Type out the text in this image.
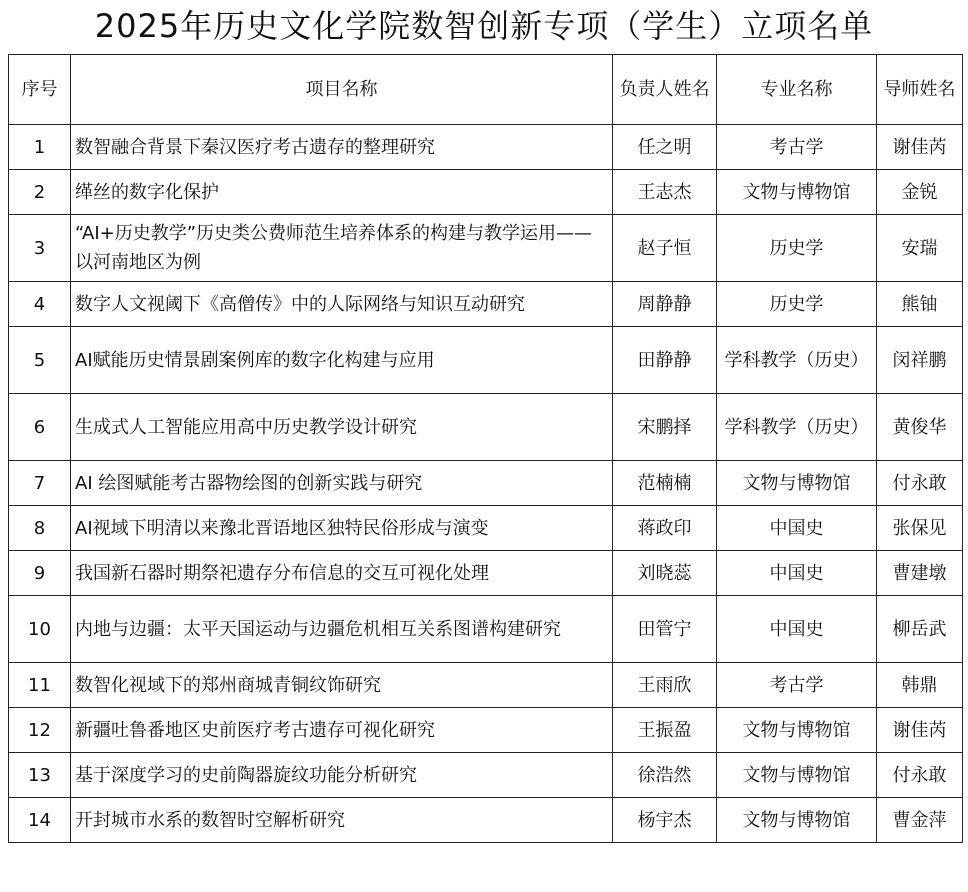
2025年历史文化学院数智创新专项（学生）立项名单
序号	项目名称	负责人姓名	专业名称	导师姓名
1	数智融合背景下秦汉医疗考古遗存的整理研究	任之明	考古学	谢佳芮
2	缂丝的数字化保护	王志杰	文物与博物馆	金锐
3	“AI+历史教学”历史类公费师范生培养体系的构建与教学运用——以河南地区为例	赵子恒	历史学	安瑞
4	数字人文视阈下《高僧传》中的人际网络与知识互动研究	周静静	历史学	熊铀
5	AI赋能历史情景剧案例库的数字化构建与应用	田静静	学科教学（历史）	闵祥鹏
6	生成式人工智能应用高中历史教学设计研究	宋鹏择	学科教学（历史）	黄俊华
7	AI 绘图赋能考古器物绘图的创新实践与研究	范楠楠	文物与博物馆	付永敢
8	AI视域下明清以来豫北晋语地区独特民俗形成与演变	蒋政印	中国史	张保见
9	我国新石器时期祭祀遗存分布信息的交互可视化处理	刘晓蕊	中国史	曹建墩
10	内地与边疆：太平天国运动与边疆危机相互关系图谱构建研究	田管宁	中国史	柳岳武
11	数智化视域下的郑州商城青铜纹饰研究	王雨欣	考古学	韩鼎
12	新疆吐鲁番地区史前医疗考古遗存可视化研究	王振盈	文物与博物馆	谢佳芮
13	基于深度学习的史前陶器旋纹功能分析研究	徐浩然	文物与博物馆	付永敢
14	开封城市水系的数智时空解析研究	杨宇杰	文物与博物馆	曹金萍
